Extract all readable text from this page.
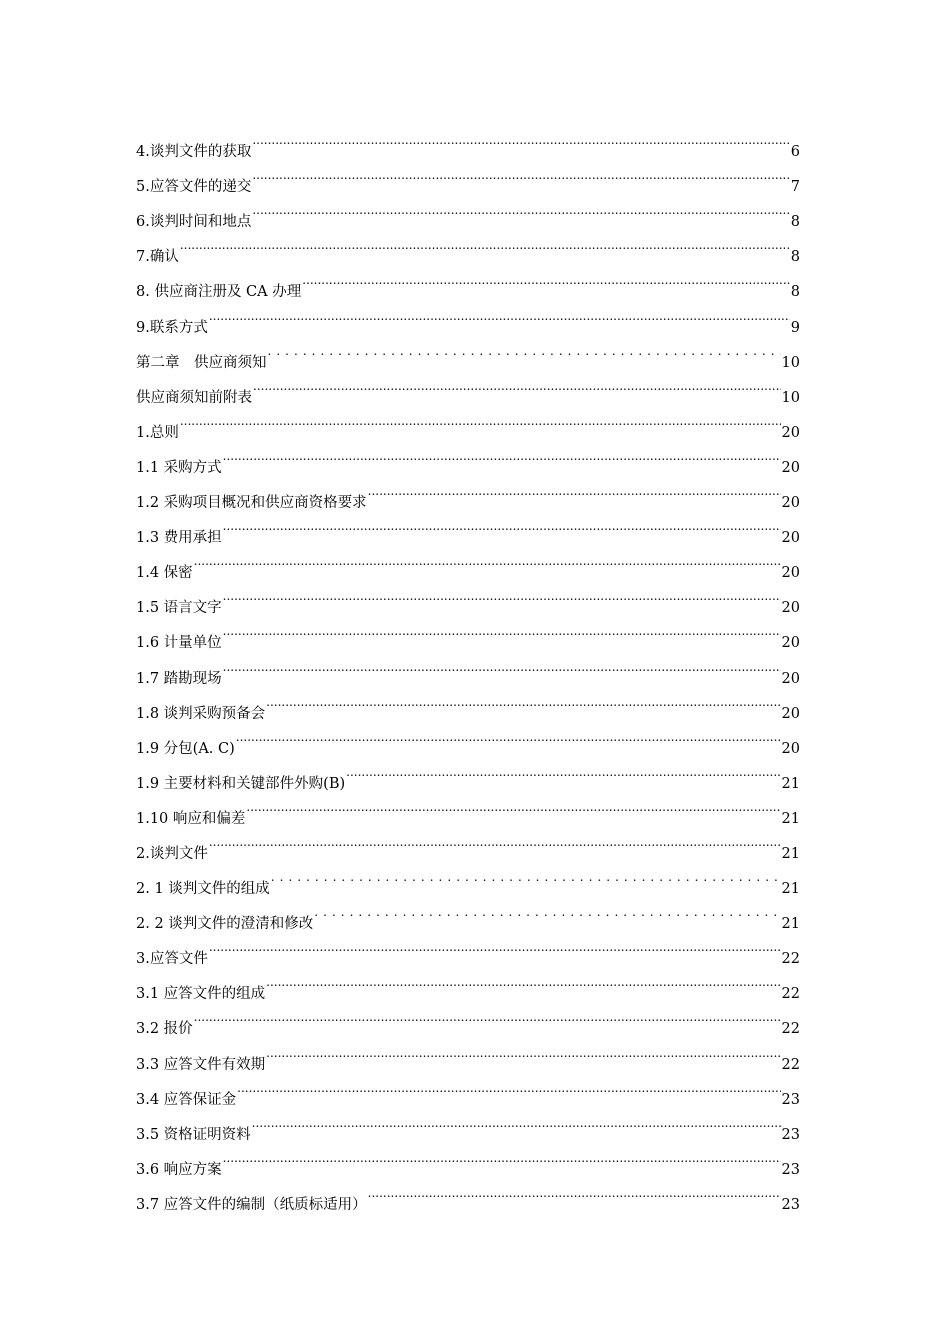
4.谈判文件的获取 .....	6
5.应答文件的递交 .....	7
6.谈判时间和地点 .....	8
7.确认 .....	8
8. 供应商注册及 CA 办理 .....	8
9.联系方式 .....	9
第二章　供应商须知 . . .	10
供应商须知前附表 .....	10
1.总则 .....	20
1.1 采购方式 .....	20
1.2 采购项目概况和供应商资格要求 .....	20
1.3 费用承担 .....	20
1.4 保密 .....	20
1.5 语言文字 .....	20
1.6 计量单位 .....	20
1.7 踏勘现场 .....	20
1.8 谈判采购预备会 .....	20
1.9 分包(A. C) .....	20
1.9 主要材料和关键部件外购(B) .....	21
1.10 响应和偏差 .....	21
2.谈判文件 .....	21
2. 1 谈判文件的组成 . . .	21
2. 2 谈判文件的澄清和修改 . . .	21
3.应答文件 .....	22
3.1 应答文件的组成 .....	22
3.2 报价 .....	22
3.3 应答文件有效期 .....	22
3.4 应答保证金 .....	23
3.5 资格证明资料 .....	23
3.6 响应方案 .....	23
3.7 应答文件的编制（纸质标适用） .....	23
